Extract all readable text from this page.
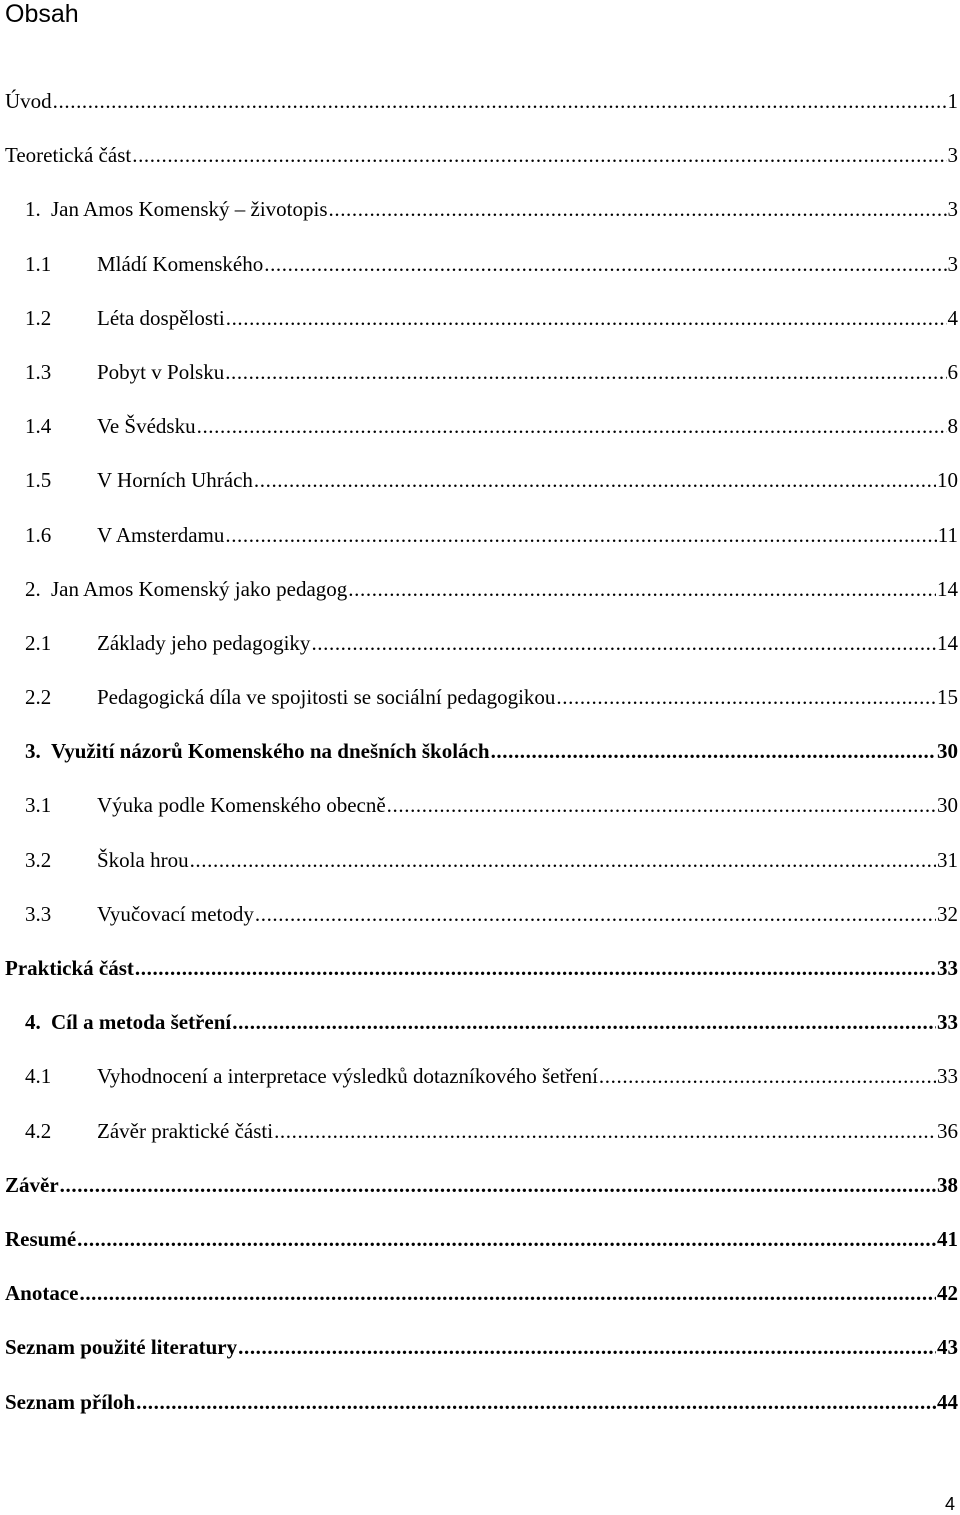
Obsah
Úvod .....	1
Teoretická část .....	3
1. Jan Amos Komenský – životopis .....	3
1.1	Mládí Komenského .....	3
1.2	Léta dospělosti .....	4
1.3	Pobyt v Polsku .....	6
1.4	Ve Švédsku .....	8
1.5	V Horních Uhrách .....	10
1.6	V Amsterdamu .....	11
2. Jan Amos Komenský jako pedagog .....	14
2.1	Základy jeho pedagogiky .....	14
2.2	Pedagogická díla ve spojitosti se sociální pedagogikou .....	15
3. Využití názorů Komenského na dnešních školách .....	30
3.1	Výuka podle Komenského obecně .....	30
3.2	Škola hrou .....	31
3.3	Vyučovací metody .....	32
Praktická část .....	33
4. Cíl a metoda šetření .....	33
4.1	Vyhodnocení a interpretace výsledků dotazníkového šetření .....	33
4.2	Závěr praktické části .....	36
Závěr .....	38
Resumé .....	41
Anotace .....	42
Seznam použité literatury .....	43
Seznam příloh .....	44
4
